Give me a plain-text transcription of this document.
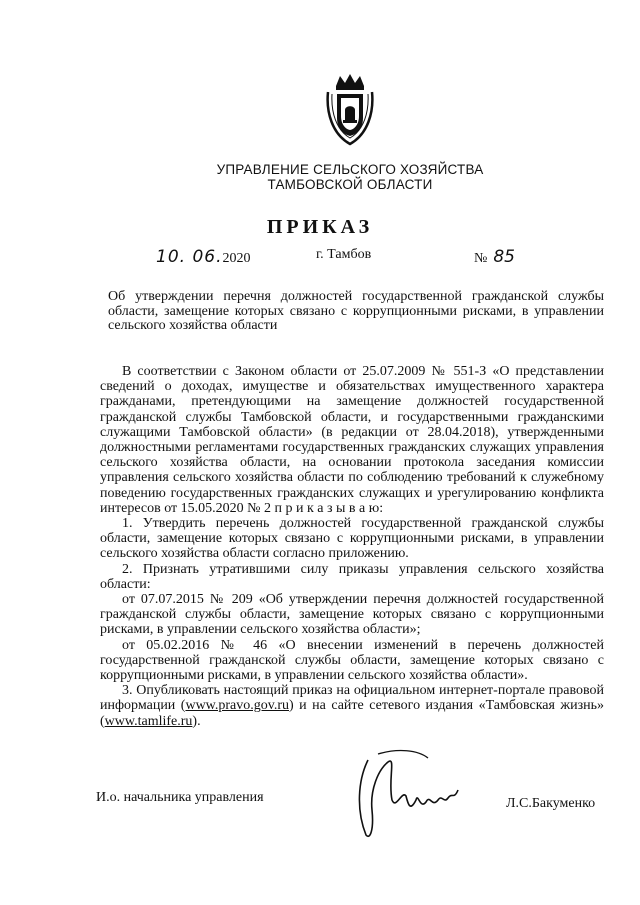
УПРАВЛЕНИЕ СЕЛЬСКОГО ХОЗЯЙСТВА
ТАМБОВСКОЙ ОБЛАСТИ
ПРИКАЗ
10. 06.2020	г. Тамбов	№ 85
Об утверждении перечня должностей государственной гражданской службы области, замещение которых связано с коррупционными рисками, в управлении сельского хозяйства области

В соответствии с Законом области от 25.07.2009 № 551-З «О представлении сведений о доходах, имуществе и обязательствах имущественного характера гражданами, претендующими на замещение должностей государственной гражданской службы Тамбовской области, и государственными гражданскими служащими Тамбовской области» (в редакции от 28.04.2018), утвержденными должностными регламентами государственных гражданских служащих управления сельского хозяйства области, на основании протокола заседания комиссии управления сельского хозяйства области по соблюдению требований к служебному поведению государственных гражданских служащих и урегулированию конфликта интересов от 15.05.2020 № 2 п р и к а з ы в а ю:

1. Утвердить перечень должностей государственной гражданской службы области, замещение которых связано с коррупционными рисками, в управлении сельского хозяйства области согласно приложению.

2. Признать утратившими силу приказы управления сельского хозяйства области:

от 07.07.2015 № 209 «Об утверждении перечня должностей государственной гражданской службы области, замещение которых связано с коррупционными рисками, в управлении сельского хозяйства области»;

от 05.02.2016 № 46 «О внесении изменений в перечень должностей государственной гражданской службы области, замещение которых связано с коррупционными рисками, в управлении сельского хозяйства области».

3. Опубликовать настоящий приказ на официальном интернет-портале правовой информации (www.pravo.gov.ru) и на сайте сетевого издания «Тамбовская жизнь» (www.tamlife.ru).

И.о. начальника управления	Л.С.Бакуменко
